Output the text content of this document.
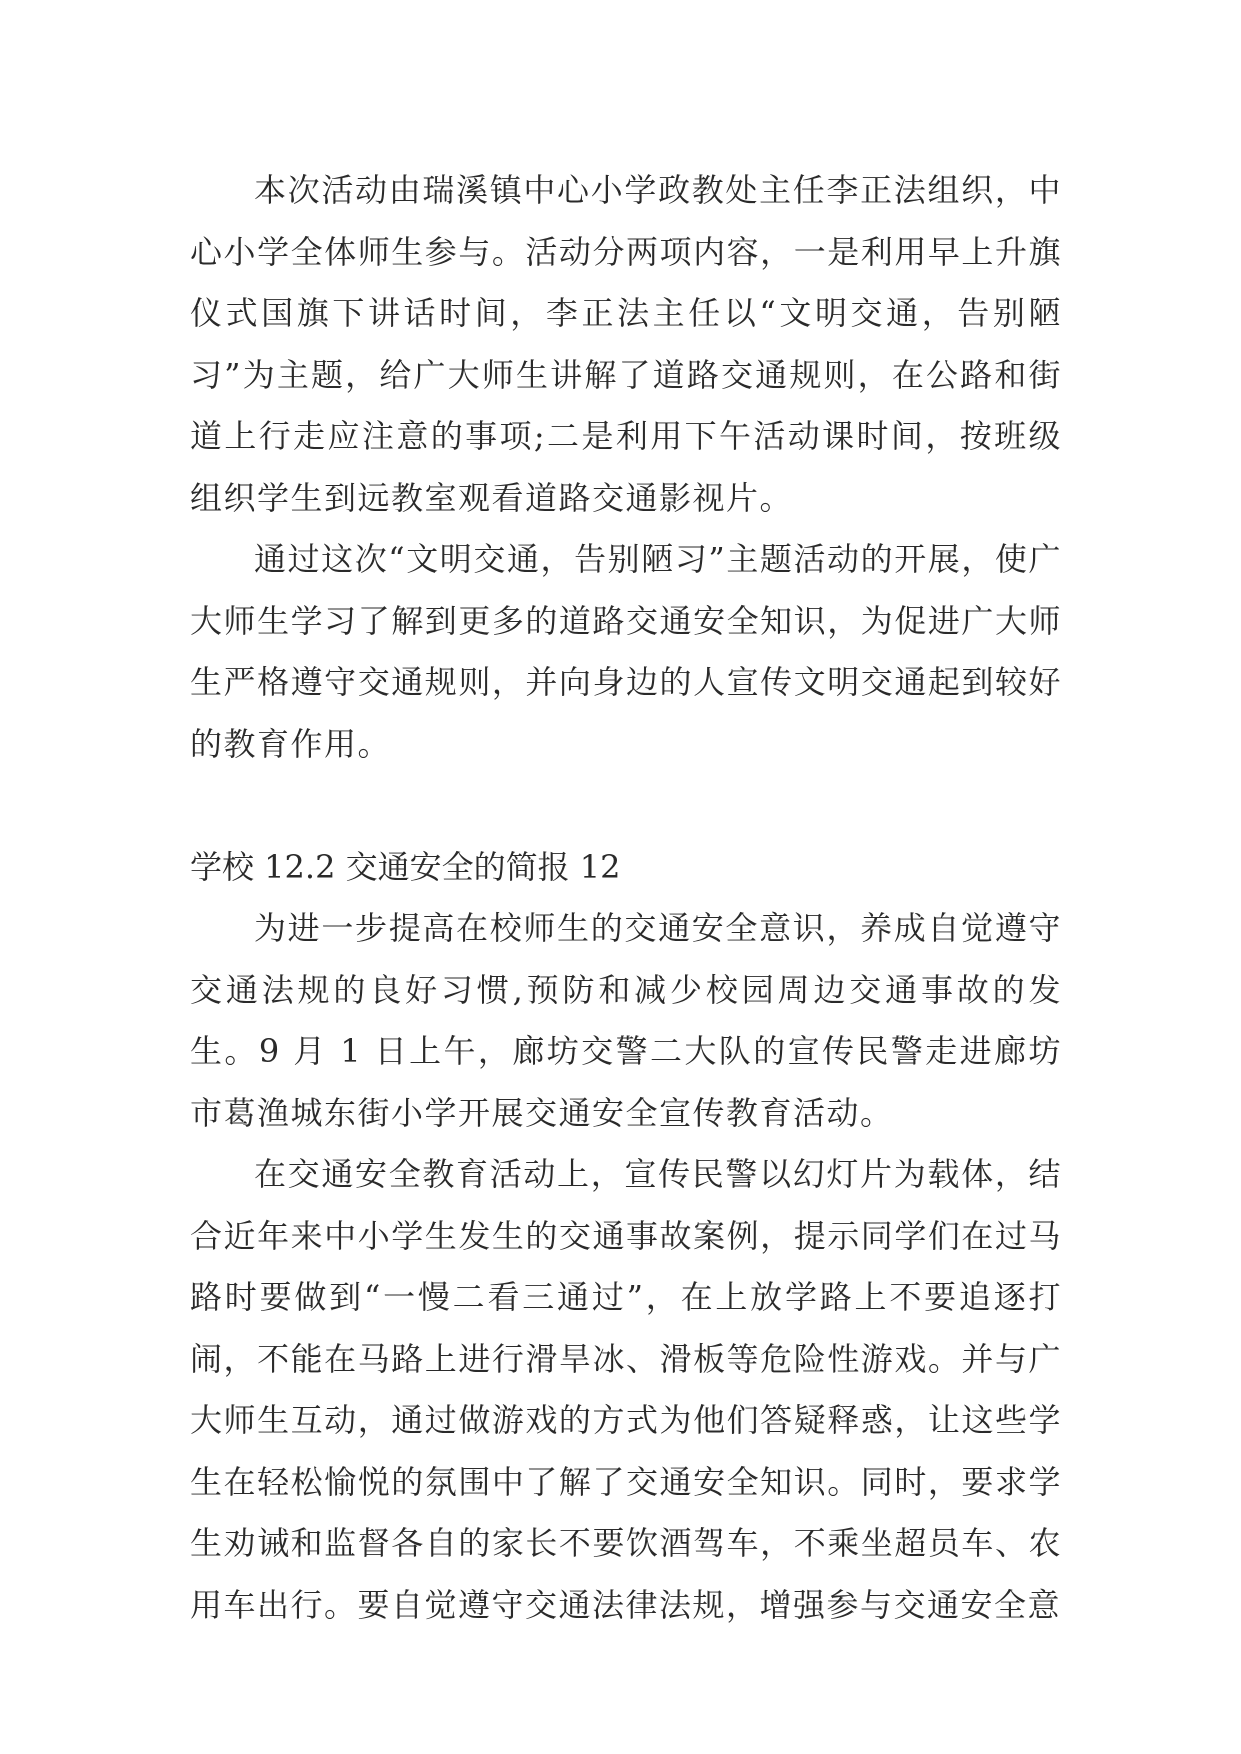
本次活动由瑞溪镇中心小学政教处主任李正法组织，中心小学全体师生参与。活动分两项内容，一是利用早上升旗仪式国旗下讲话时间，李正法主任以“文明交通，告别陋习”为主题，给广大师生讲解了道路交通规则，在公路和街道上行走应注意的事项;二是利用下午活动课时间，按班级组织学生到远教室观看道路交通影视片。

通过这次“文明交通，告别陋习”主题活动的开展，使广大师生学习了解到更多的道路交通安全知识，为促进广大师生严格遵守交通规则，并向身边的人宣传文明交通起到较好的教育作用。

学校 12.2 交通安全的简报 12

为进一步提高在校师生的交通安全意识，养成自觉遵守交通法规的良好习惯,预防和减少校园周边交通事故的发生。9 月 1 日上午，廊坊交警二大队的宣传民警走进廊坊市葛渔城东街小学开展交通安全宣传教育活动。

在交通安全教育活动上，宣传民警以幻灯片为载体，结合近年来中小学生发生的交通事故案例，提示同学们在过马路时要做到“一慢二看三通过”，在上放学路上不要追逐打闹，不能在马路上进行滑旱冰、滑板等危险性游戏。并与广大师生互动，通过做游戏的方式为他们答疑释惑，让这些学生在轻松愉悦的氛围中了解了交通安全知识。同时，要求学生劝诫和监督各自的家长不要饮酒驾车，不乘坐超员车、农用车出行。要自觉遵守交通法律法规，增强参与交通安全意
